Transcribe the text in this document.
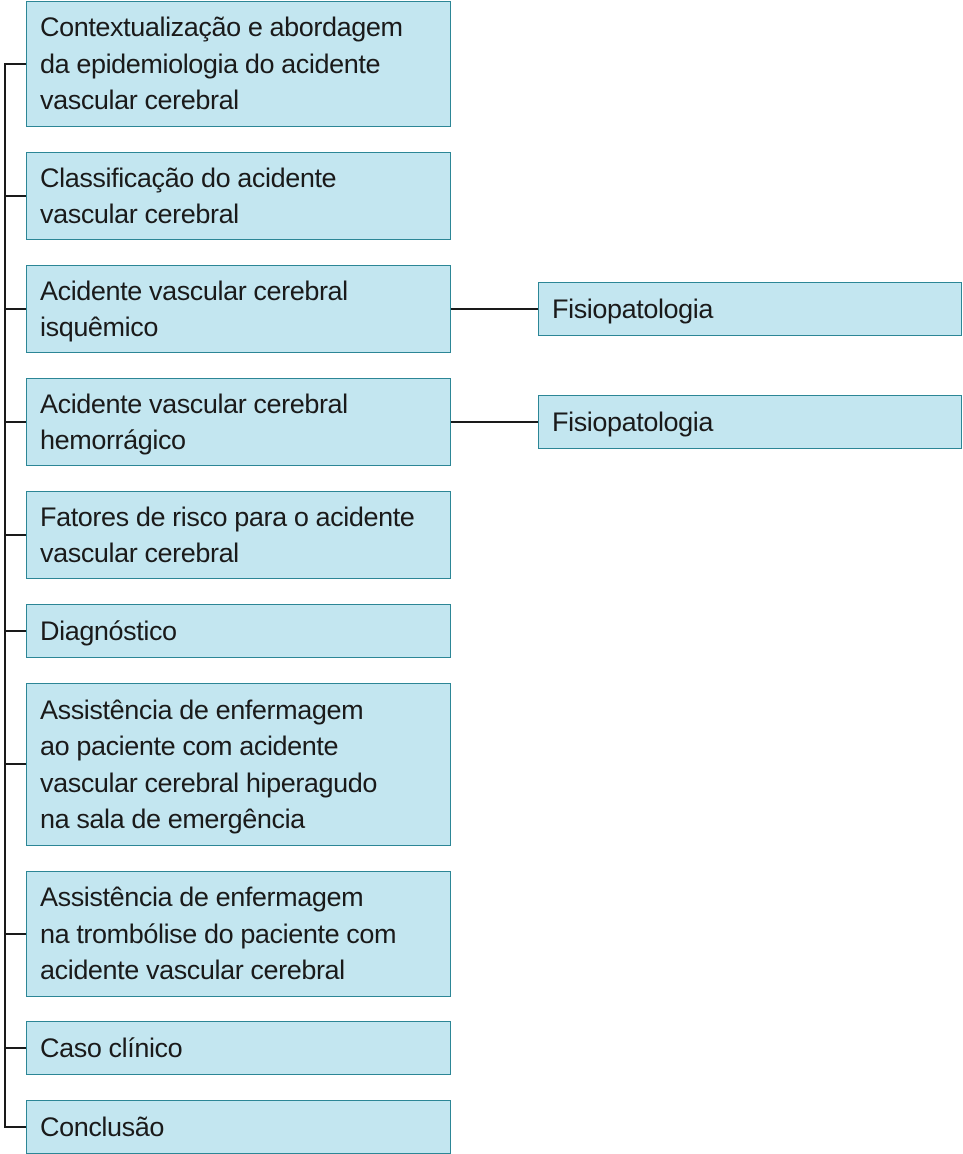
Contextualização e abordagem
da epidemiologia do acidente
vascular cerebral
Classificação do acidente
vascular cerebral
Acidente vascular cerebral
isquêmico
Acidente vascular cerebral
hemorrágico
Fatores de risco para o acidente
vascular cerebral
Diagnóstico
Assistência de enfermagem
ao paciente com acidente
vascular cerebral hiperagudo
na sala de emergência
Assistência de enfermagem
na trombólise do paciente com
acidente vascular cerebral
Caso clínico
Conclusão
Fisiopatologia
Fisiopatologia
